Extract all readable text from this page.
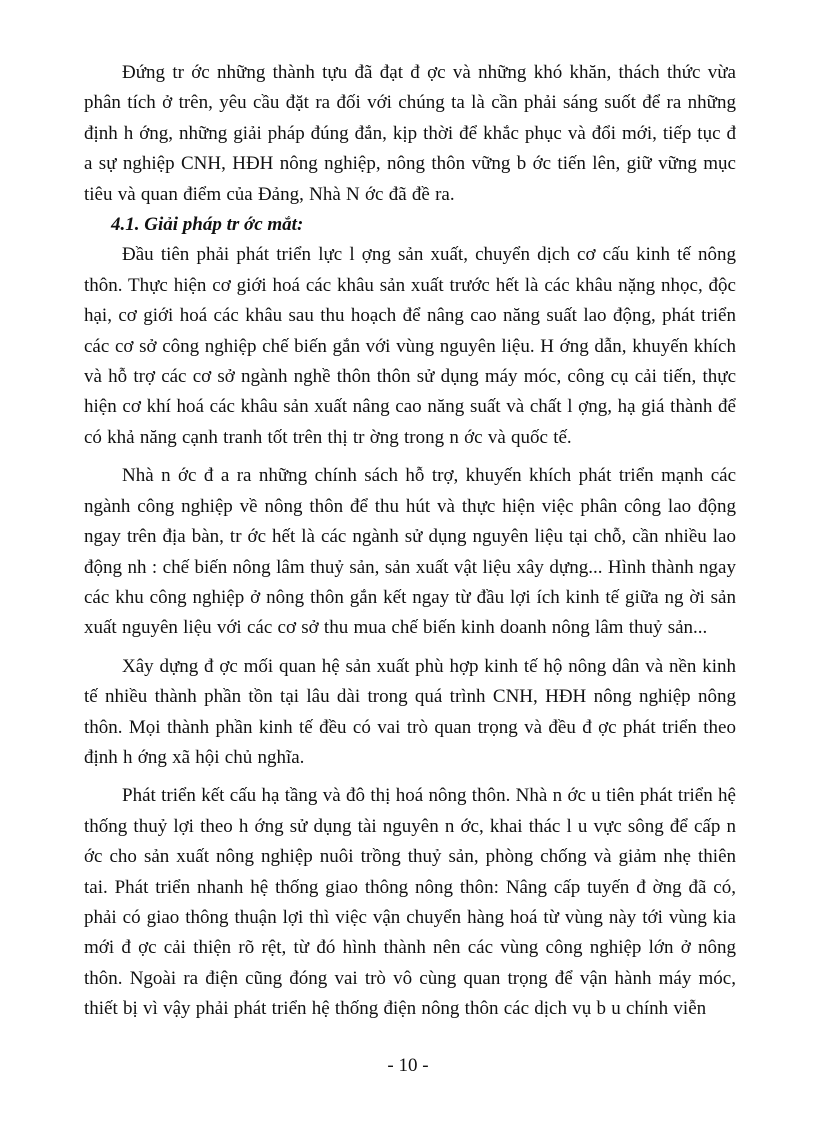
Đứng tr ớc những thành tựu đã đạt đ ợc và những khó khăn, thách thức vừa phân tích ở trên, yêu cầu đặt ra đối với chúng ta là cần phải sáng suốt để ra những định h ớng, những giải pháp đúng đắn, kịp thời để khắc phục và đổi mới, tiếp tục đ a sự nghiệp CNH, HĐH nông nghiệp, nông thôn vững b ớc tiến lên, giữ vững mục tiêu và quan điểm của Đảng, Nhà N ớc đã đề ra.

4.1. Giải pháp tr ớc mắt:

Đầu tiên phải phát triển lực l ợng sản xuất, chuyển dịch cơ cấu kinh tế nông thôn. Thực hiện cơ giới hoá các khâu sản xuất trước hết là các khâu nặng nhọc, độc hại, cơ giới hoá các khâu sau thu hoạch để nâng cao năng suất lao động, phát triển các cơ sở công nghiệp chế biến gắn với vùng nguyên liệu. H ớng dẫn, khuyến khích và hỗ trợ các cơ sở ngành nghề thôn thôn sử dụng máy móc, công cụ cải tiến, thực hiện cơ khí hoá các khâu sản xuất nâng cao năng suất và chất l ợng, hạ giá thành để có khả năng cạnh tranh tốt trên thị tr ờng trong n ớc và quốc tế.

Nhà n ớc đ a ra những chính sách hỗ trợ, khuyến khích phát triển mạnh các ngành công nghiệp về nông thôn để thu hút và thực hiện việc phân công lao động ngay trên địa bàn, tr ớc hết là các ngành sử dụng nguyên liệu tại chỗ, cần nhiều lao động nh : chế biến nông lâm thuỷ sản, sản xuất vật liệu xây dựng... Hình thành ngay các khu công nghiệp ở nông thôn gắn kết ngay từ đầu lợi ích kinh tế giữa ng ời sản xuất nguyên liệu với các cơ sở thu mua chế biến kinh doanh nông lâm thuỷ sản...

Xây dựng đ ợc mối quan hệ sản xuất phù hợp kinh tế hộ nông dân và nền kinh tế nhiều thành phần tồn tại lâu dài trong quá trình CNH, HĐH nông nghiệp nông thôn. Mọi thành phần kinh tế đều có vai trò quan trọng và đều đ ợc phát triển theo định h ớng xã hội chủ nghĩa.

Phát triển kết cấu hạ tầng và đô thị hoá nông thôn. Nhà n ớc u tiên phát triển hệ thống thuỷ lợi theo h ớng sử dụng tài nguyên n ớc, khai thác l u vực sông để cấp n ớc cho sản xuất nông nghiệp nuôi trồng thuỷ sản, phòng chống và giảm nhẹ thiên tai. Phát triển nhanh hệ thống giao thông nông thôn: Nâng cấp tuyến đ ờng đã có, phải có giao thông thuận lợi thì việc vận chuyển hàng hoá từ vùng này tới vùng kia mới đ ợc cải thiện rõ rệt, từ đó hình thành nên các vùng công nghiệp lớn ở nông thôn. Ngoài ra điện cũng đóng vai trò vô cùng quan trọng để vận hành máy móc, thiết bị vì vậy phải phát triển hệ thống điện nông thôn các dịch vụ b u chính viễn

- 10 -
